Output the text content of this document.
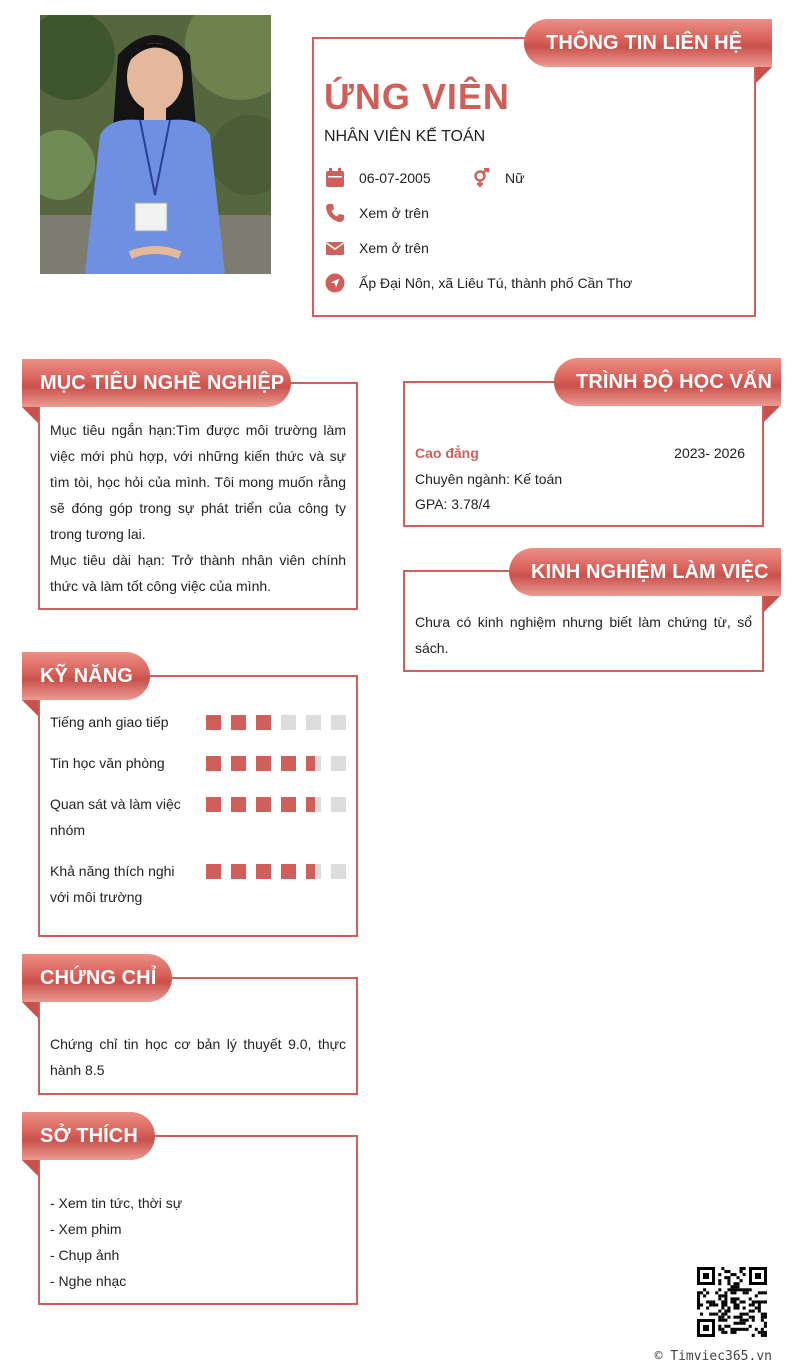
THÔNG TIN LIÊN HỆ
ỨNG VIÊN
NHÂN VIÊN KẾ TOÁN
06-07-2005	Nữ
Xem ở trên
Xem ở trên
Ấp Đại Nôn, xã Liêu Tú, thành phố Cần Thơ

Mục tiêu ngắn hạn:Tìm được môi trường làm việc mới phù hợp, với những kiến thức và sự tìm tòi, học hỏi của mình. Tôi mong muốn rằng sẽ đóng góp trong sự phát triển của công ty trong tương lai.

Mục tiêu dài hạn: Trở thành nhân viên chính thức và làm tốt công việc của mình.

MỤC TIÊU NGHỀ NGHIỆP
Cao đẳng	2023- 2026
Chuyên ngành: Kế toán
GPA: 3.78/4
TRÌNH ĐỘ HỌC VẤN

Chưa có kinh nghiệm nhưng biết làm chứng từ, sổ sách.

KINH NGHIỆM LÀM VIỆC
KỸ NĂNG
Tiếng anh giao tiếp
Tin học văn phòng
Quan sát và làm việc nhóm
Khả năng thích nghi với môi trường

Chứng chỉ tin học cơ bản lý thuyết 9.0, thực hành 8.5

CHỨNG CHỈ
- Xem tin tức, thời sự
- Xem phim
- Chụp ảnh
- Nghe nhạc
SỞ THÍCH
© Timviec365.vn
